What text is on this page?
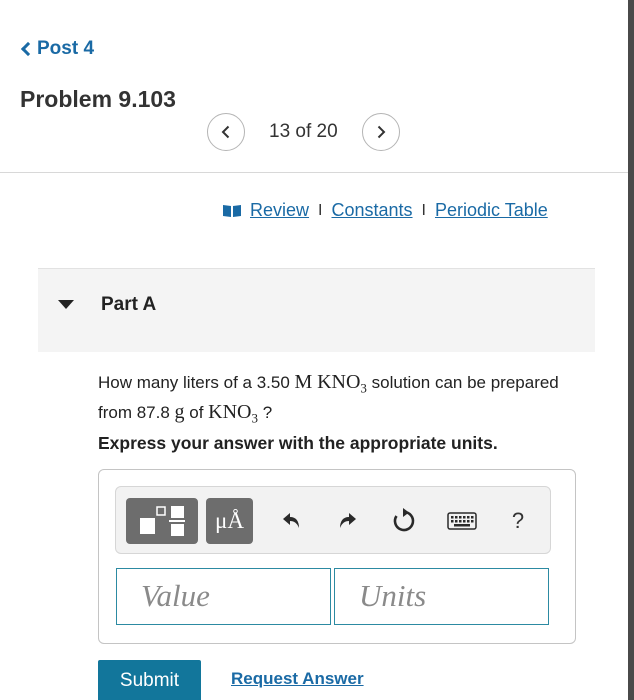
Post 4
Problem 9.103
13 of 20
Review I Constants I Periodic Table
Part A
How many liters of a 3.50 M $KNO_3$ solution can be prepared from 87.8 g of $KNO_3$ ?
Express your answer with the appropriate units.
μÅ	?
Value	Units
Submit	Request Answer
